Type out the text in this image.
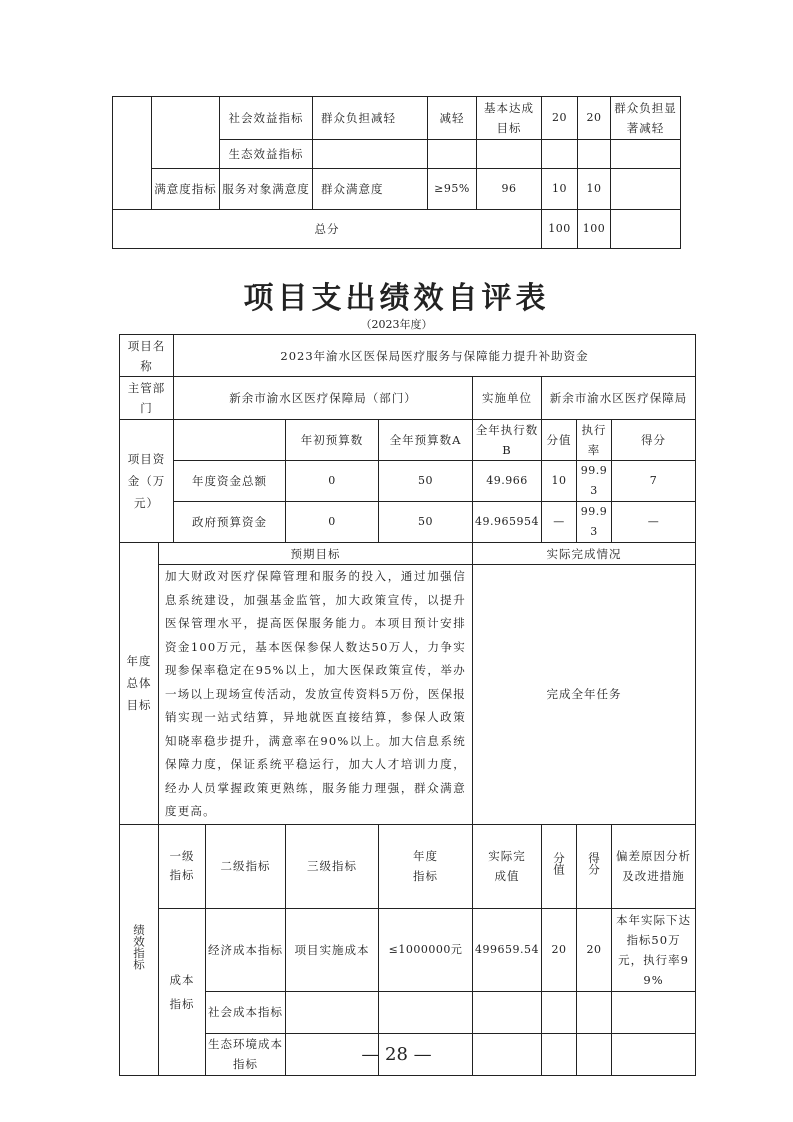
		社会效益指标	群众负担减轻	减轻	基本达成目标	20	20	群众负担显著减轻
		生态效益指标						
	满意度指标	服务对象满意度	群众满意度	≥95%	96	10	10	
总分						100	100	
项目支出绩效自评表
（2023年度）
项目名称		2023年渝水区医保局医疗服务与保障能力提升补助资金							
主管部门		新余市渝水区医疗保障局（部门）				实施单位	新余市渝水区医疗保障局		
项目资金（万元）				年初预算数	全年预算数A	全年执行数B	分值	执行率	得分
		年度资金总额		0	50	49.966	10	99.93	7
		政府预算资金		0	50	49.965954	—	99.93	—
年度总体目标	预期目标					实际完成情况			
	加大财政对医疗保障管理和服务的投入，通过加强信息系统建设，加强基金监管，加大政策宣传，以提升医保管理水平，提高医保服务能力。本项目预计安排资金100万元，基本医保参保人数达50万人，力争实现参保率稳定在95%以上，加大医保政策宣传，举办一场以上现场宣传活动，发放宣传资料5万份，医保报销实现一站式结算，异地就医直接结算，参保人政策知晓率稳步提升，满意率在90%以上。加大信息系统保障力度，保证系统平稳运行，加大人才培训力度，经办人员掌握政策更熟练，服务能力理强，群众满意度更高。					完成全年任务			
绩效指标	一级指标		二级指标	三级指标	年度指标	实际完成值	分值	得分	偏差原因分析及改进措施
	成本指标		经济成本指标	项目实施成本	≤1000000元	499659.54	20	20	本年实际下达指标50万元，执行率99%
			社会成本指标						
			生态环境成本指标							— 28 —
